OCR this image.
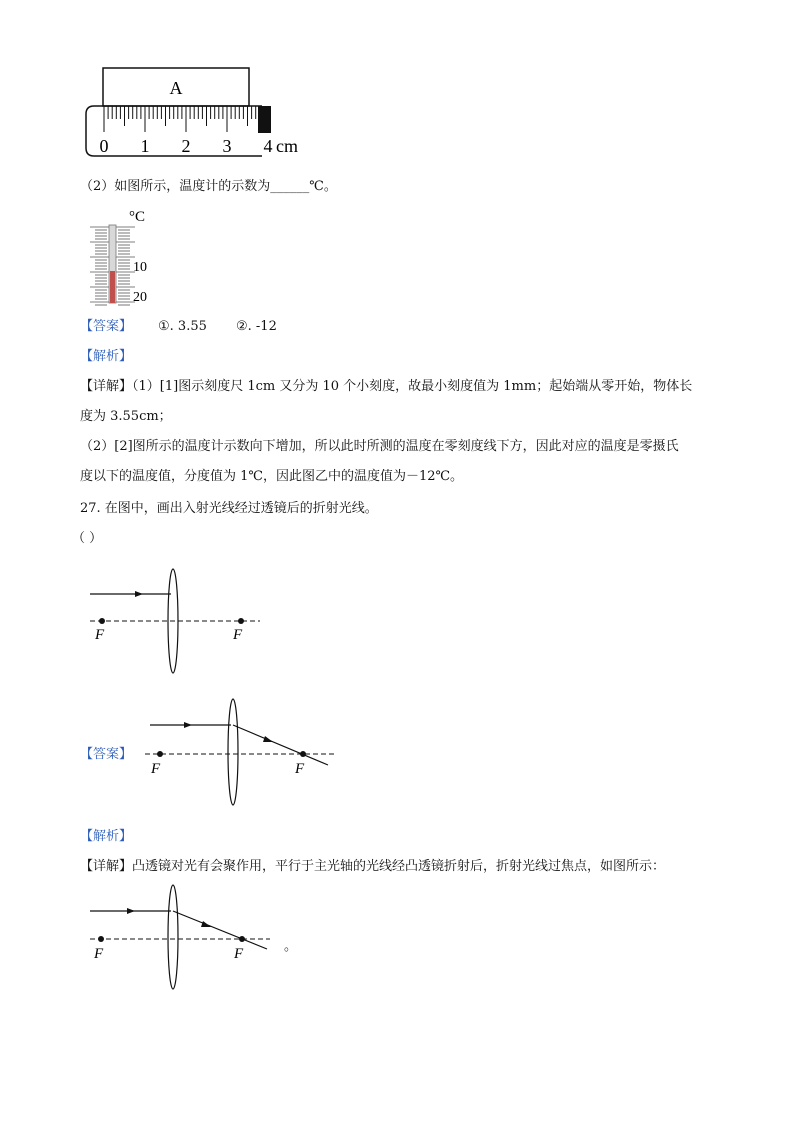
A
0 1 2 3 4 cm
（2）如图所示，温度计的示数为______℃。
°C
10
20
【答案】 ①. 3.55 ②. -12
【解析】
【详解】（1）[1]图示刻度尺 1cm 又分为 10 个小刻度，故最小刻度值为 1mm；起始端从零开始，物体长
度为 3.55cm；
（2）[2]图所示的温度计示数向下增加，所以此时所测的温度在零刻度线下方，因此对应的温度是零摄氏
度以下的温度值，分度值为 1℃，因此图乙中的温度值为－12℃。
27. 在图中，画出入射光线经过透镜后的折射光线。
（ ）
F	F
【答案】
F	F
【解析】
【详解】凸透镜对光有会聚作用，平行于主光轴的光线经凸透镜折射后，折射光线过焦点，如图所示：
F	F	。
